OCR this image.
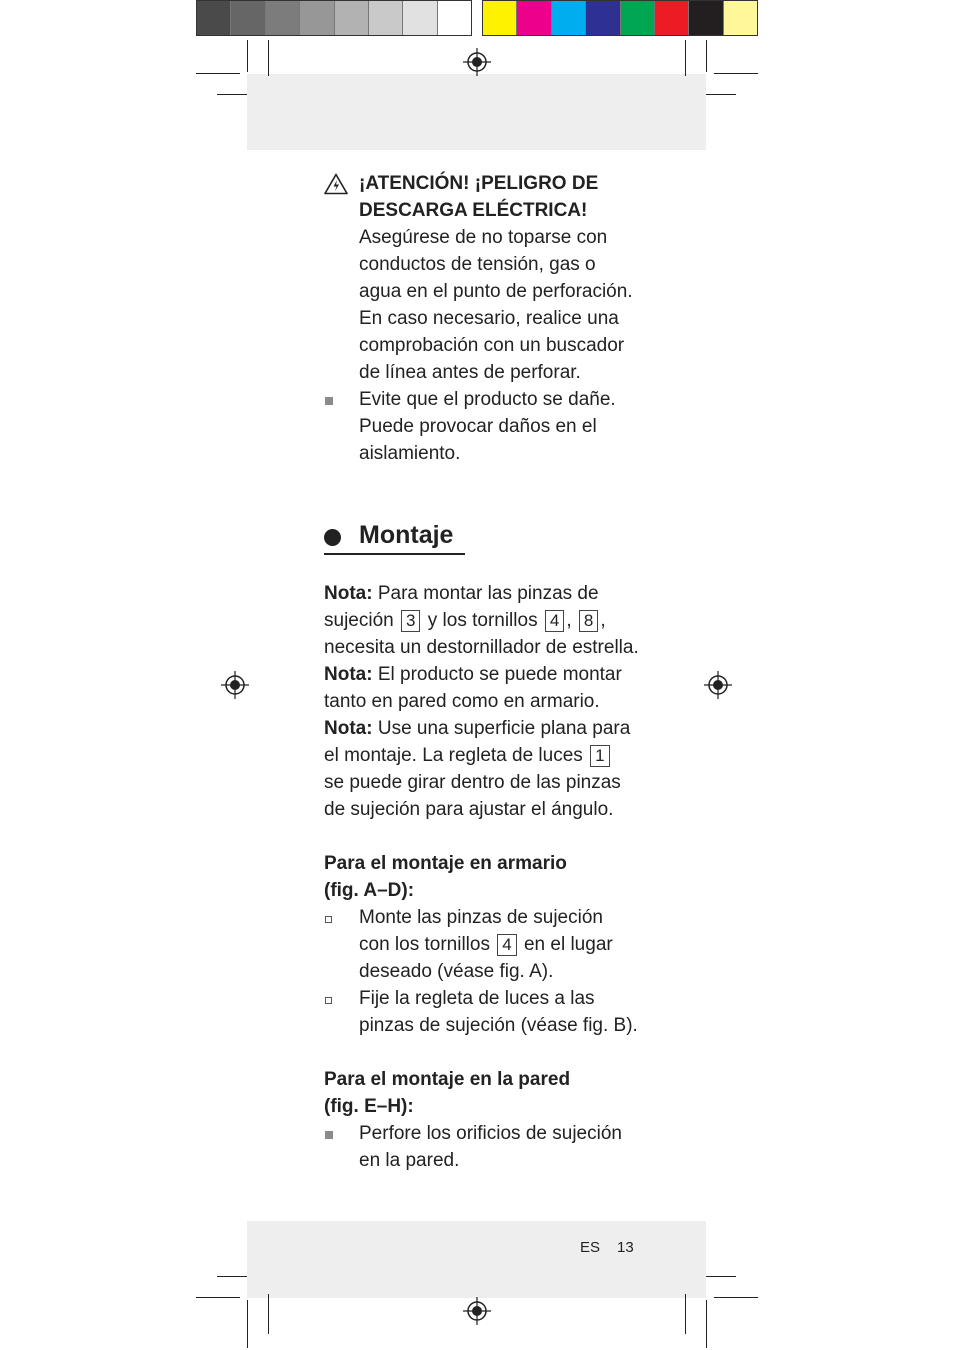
¡ATENCIÓN! ¡PELIGRO DE
DESCARGA ELÉCTRICA!
Asegúrese de no toparse con
conductos de tensión, gas o
agua en el punto de perforación.
En caso necesario, realice una
comprobación con un buscador
de línea antes de perforar.
Evite que el producto se dañe.
Puede provocar daños en el
aislamiento.
Montaje
Nota: Para montar las pinzas de
sujeción 3 y los tornillos 4 , 8 ,
necesita un destornillador de estrella.
Nota: El producto se puede montar
tanto en pared como en armario.
Nota: Use una superficie plana para
el montaje. La regleta de luces 1
se puede girar dentro de las pinzas
de sujeción para ajustar el ángulo.
Para el montaje en armario
(fig. A–D):
Monte las pinzas de sujeción
con los tornillos 4 en el lugar
deseado (véase fig. A).
Fije la regleta de luces a las
pinzas de sujeción (véase fig. B).
Para el montaje en la pared
(fig. E–H):
Perfore los orificios de sujeción
en la pared.
ES 13
